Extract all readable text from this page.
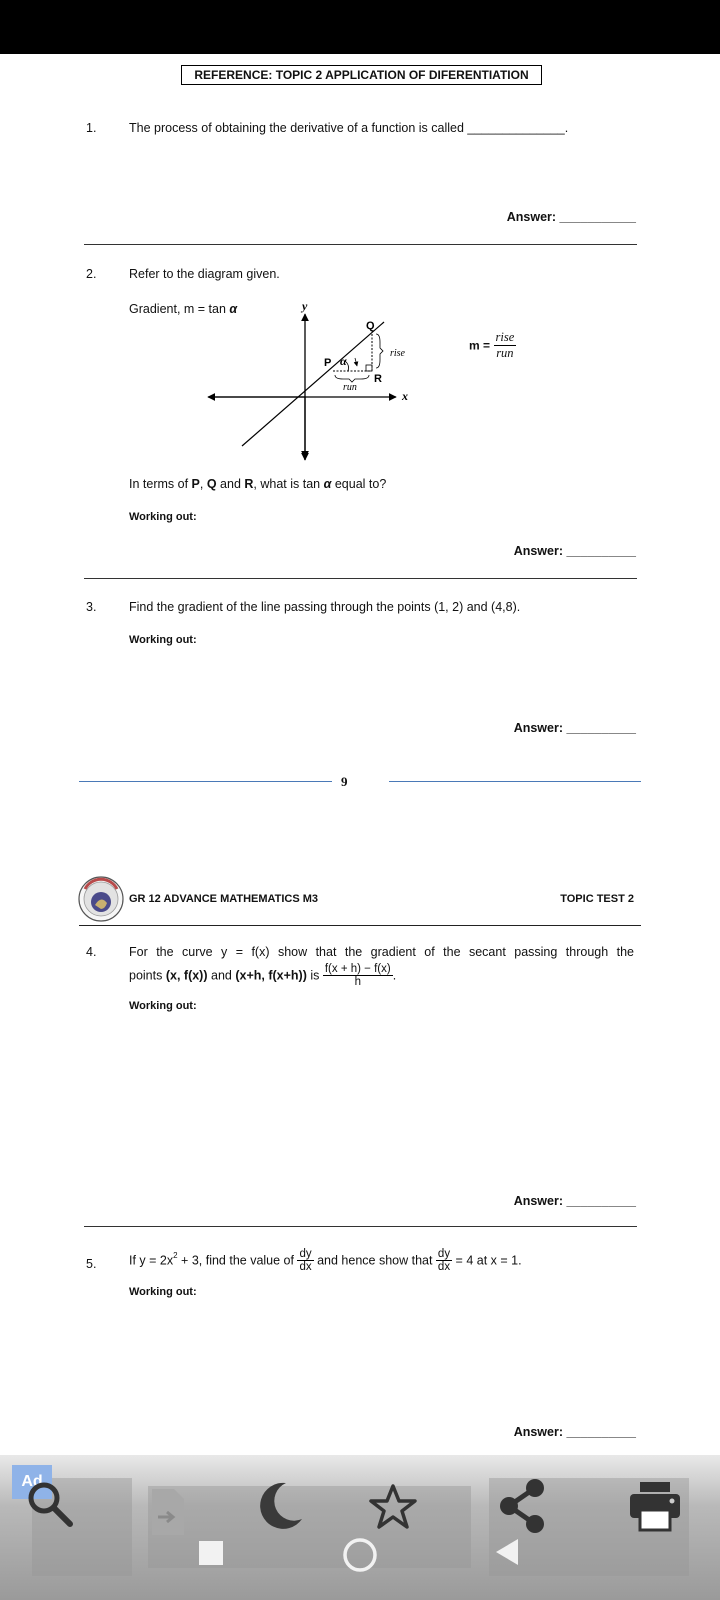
REFERENCE: TOPIC 2 APPLICATION OF DIFERENTIATION
1.	The process of obtaining the derivative of a function is called ______________.
Answer: ___________
2.	Refer to the diagram given.
Gradient, m = tan α	y
x
Q
P
R
α
rise
run
$m = \frac{\text{rise}}{\text{run}}$
In terms of P, Q and R, what is tan α equal to?
Working out:
Answer: __________
3.	Find the gradient of the line passing through the points (1, 2) and (4,8).
Working out:
Answer: __________
9
GR 12 ADVANCE MATHEMATICS M3	TOPIC TEST 2
4.	For the curve y = f(x) show that the gradient of the secant passing through the
points (x, f(x)) and (x+h, f(x+h)) is $\frac{f(x + h) - f(x)}{h}$ .
Working out:
Answer: __________
5.	If $y = 2x^2 + 3$, find the value of $\frac{dy}{dx}$ and hence show that $\frac{dy}{dx} = 4$ at x = 1.
Working out:
Answer: __________
Ad
